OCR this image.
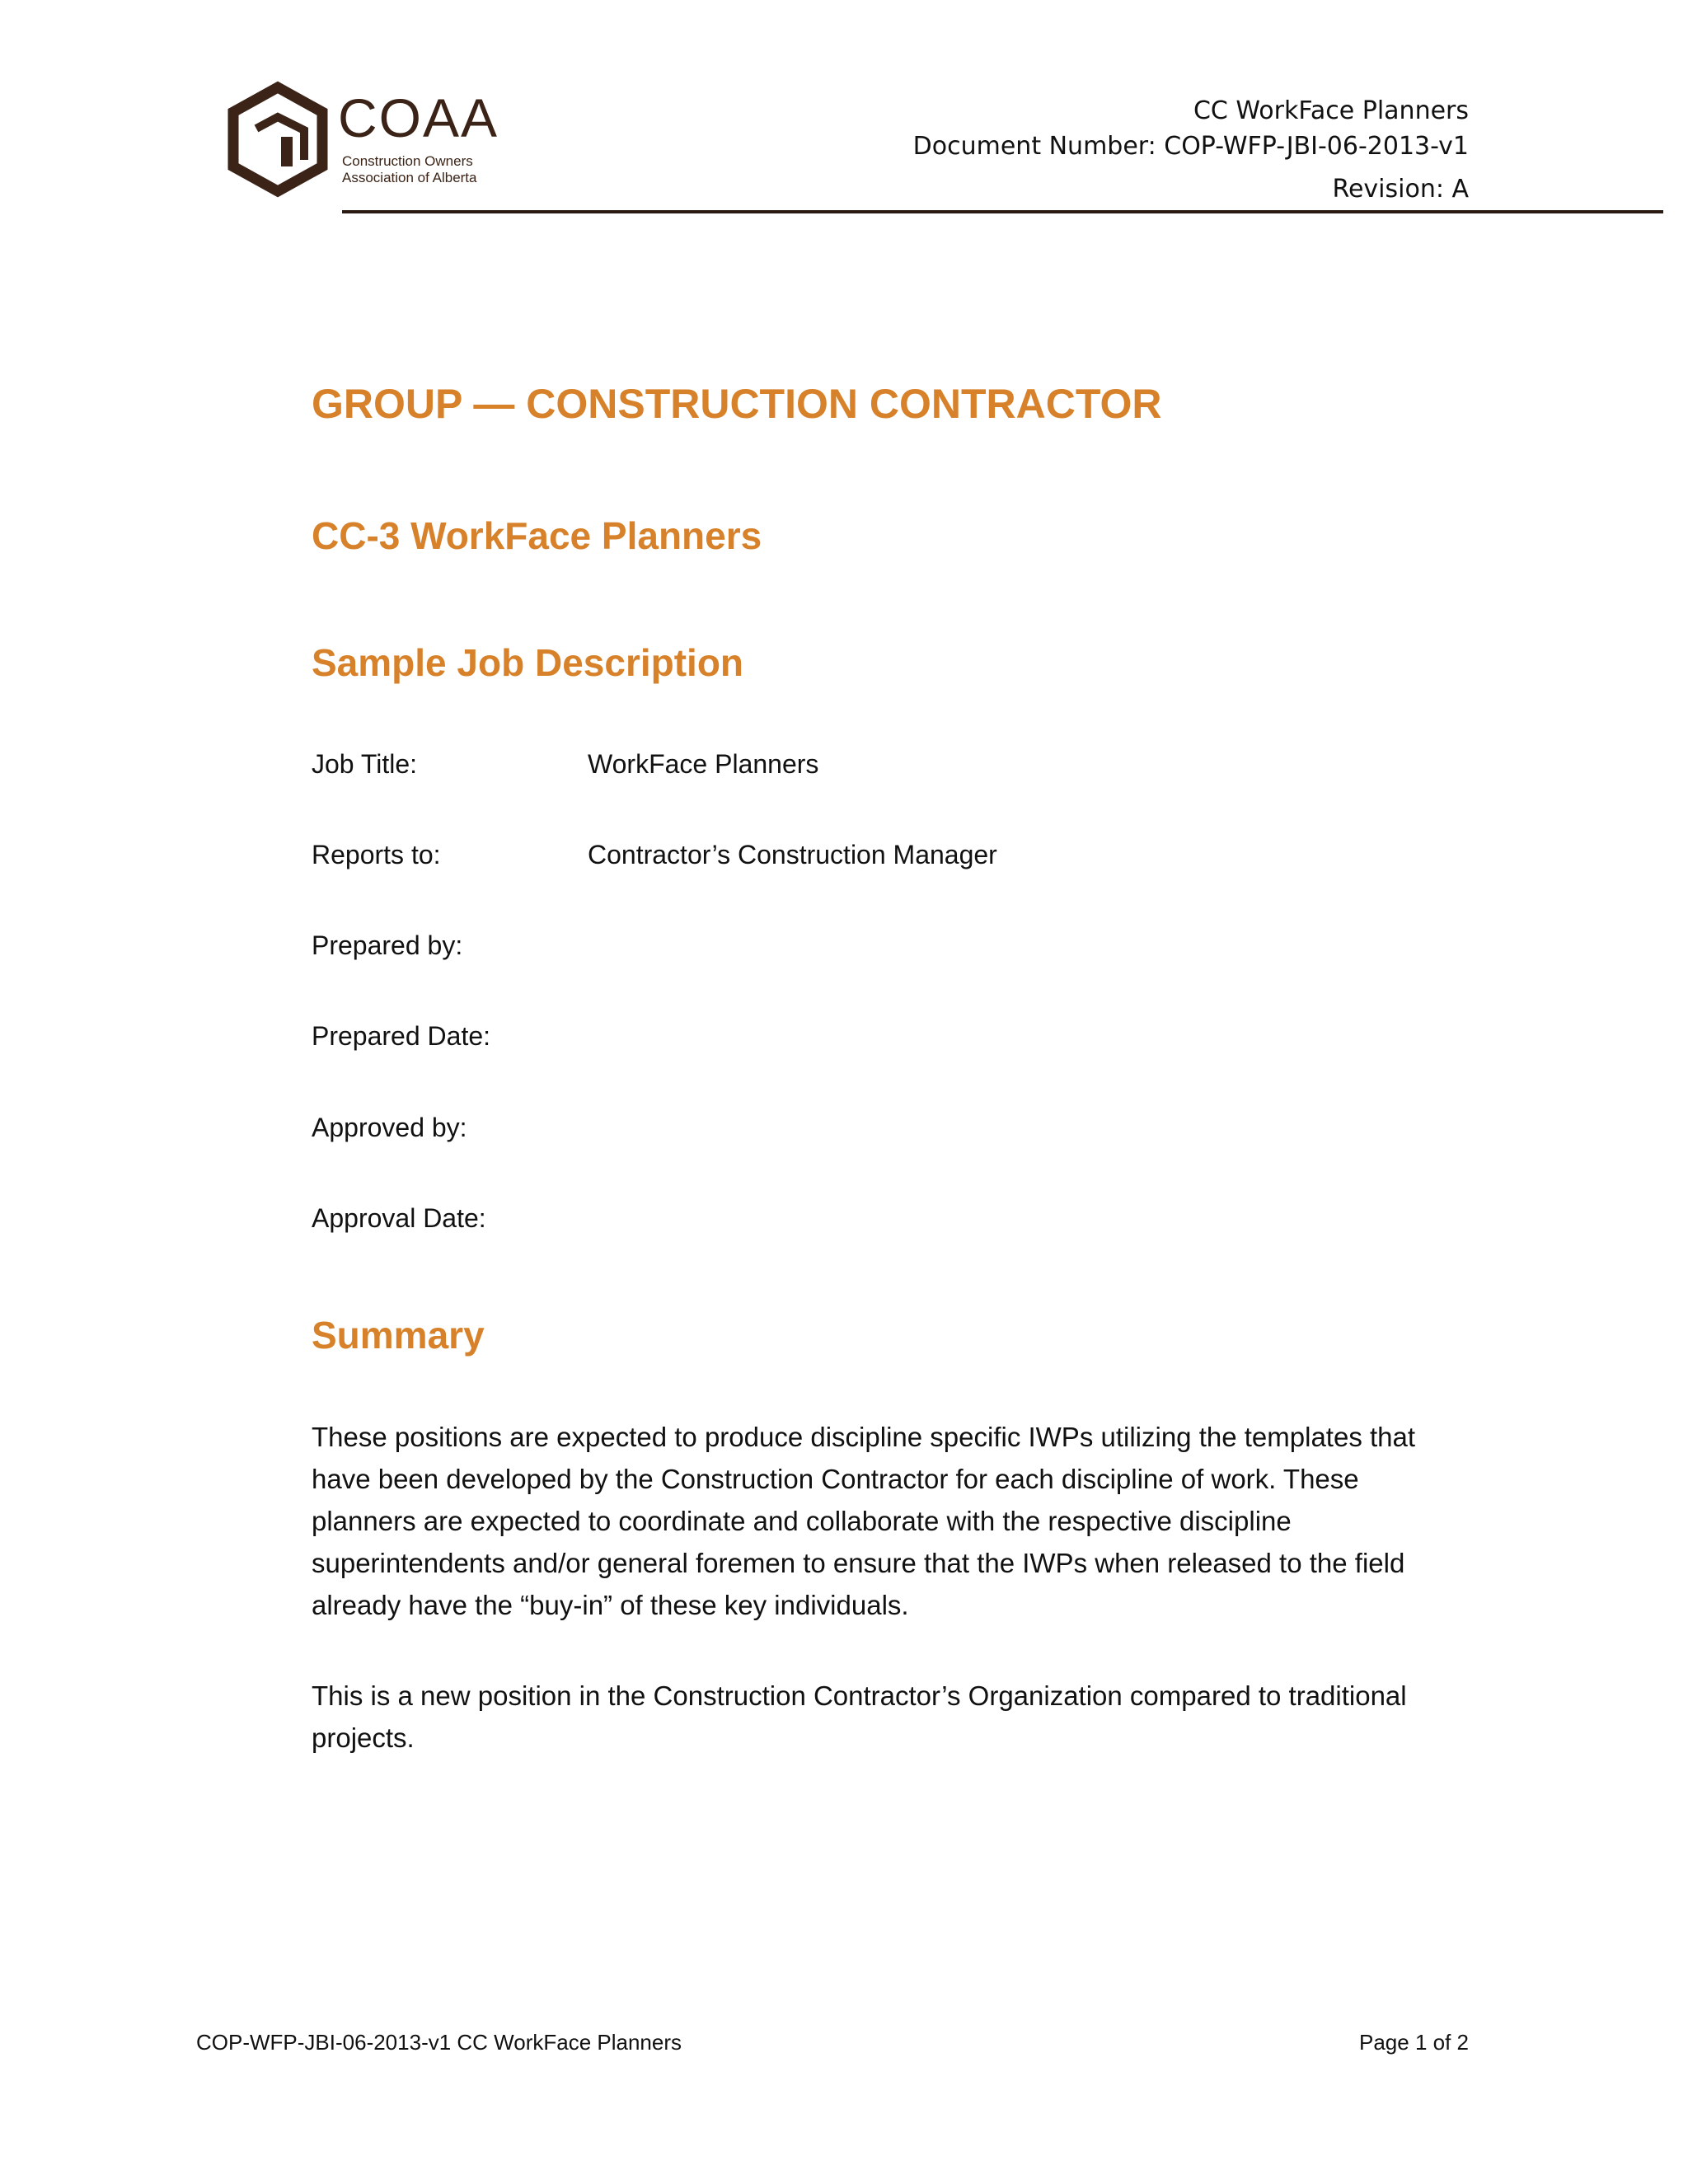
COAA
Construction Owners
Association of Alberta
CC WorkFace Planners
Document Number: COP-WFP-JBI-06-2013-v1
Revision: A
GROUP — CONSTRUCTION CONTRACTOR
CC-3 WorkFace Planners
Sample Job Description
Job Title:	WorkFace Planners
Reports to:	Contractor’s Construction Manager
Prepared by:
Prepared Date:
Approved by:
Approval Date:
Summary

These positions are expected to produce discipline specific IWPs utilizing the templates that have been developed by the Construction Contractor for each discipline of work. These planners are expected to coordinate and collaborate with the respective discipline superintendents and/or general foremen to ensure that the IWPs when released to the field already have the “buy-in” of these key individuals.

This is a new position in the Construction Contractor’s Organization compared to traditional projects.

COP-WFP-JBI-06-2013-v1 CC WorkFace Planners	Page 1 of 2
